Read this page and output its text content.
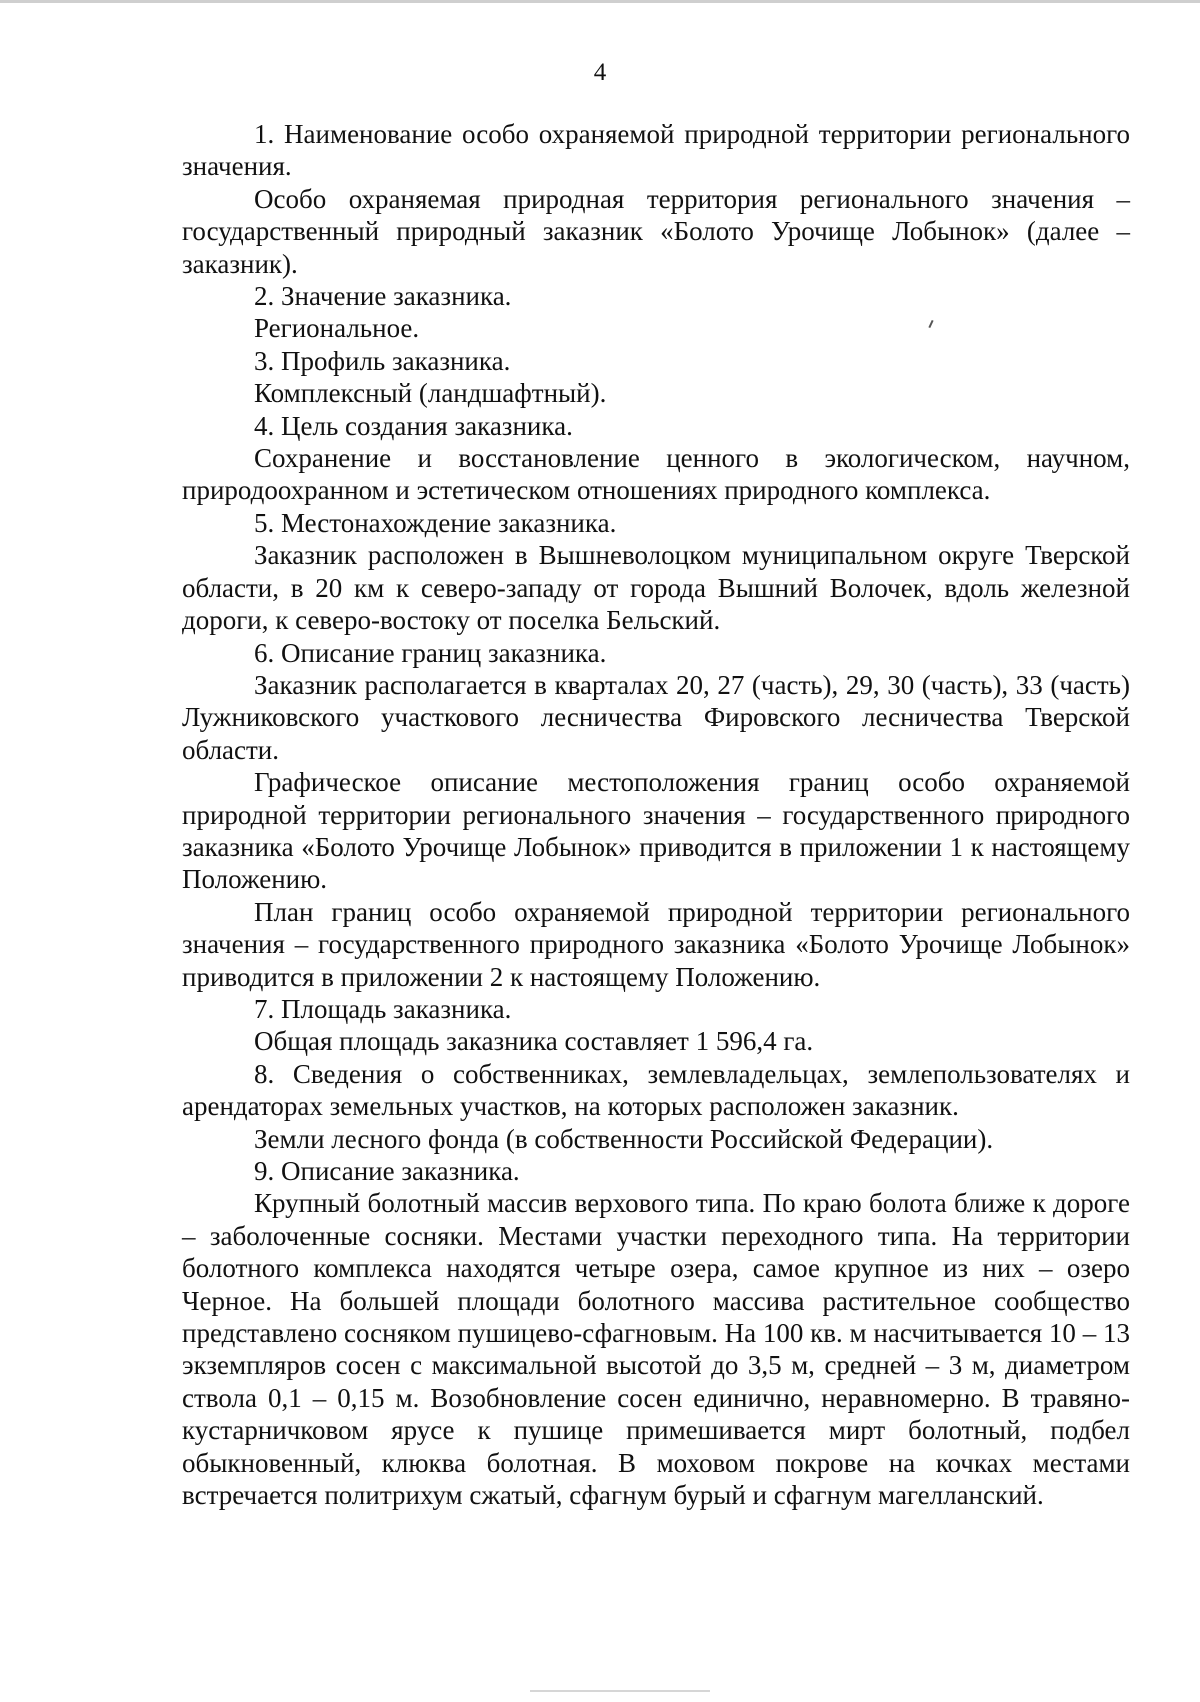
4

1. Наименование особо охраняемой природной территории регионального значения.

Особо охраняемая природная территория регионального значения – государственный природный заказник «Болото Урочище Лобынок» (далее – заказник).

2. Значение заказника.

Региональное.

3. Профиль заказника.

Комплексный (ландшафтный).

4. Цель создания заказника.

Сохранение и восстановление ценного в экологическом, научном, природоохранном и эстетическом отношениях природного комплекса.

5. Местонахождение заказника.

Заказник расположен в Вышневолоцком муниципальном округе Тверской области, в 20 км к северо-западу от города Вышний Волочек, вдоль железной дороги, к северо-востоку от поселка Бельский.

6. Описание границ заказника.

Заказник располагается в кварталах 20, 27 (часть), 29, 30 (часть), 33 (часть) Лужниковского участкового лесничества Фировского лесничества Тверской области.

Графическое описание местоположения границ особо охраняемой природной территории регионального значения – государственного природного заказника «Болото Урочище Лобынок» приводится в приложении 1 к настоящему Положению.

План границ особо охраняемой природной территории регионального значения – государственного природного заказника «Болото Урочище Лобынок» приводится в приложении 2 к настоящему Положению.

7. Площадь заказника.

Общая площадь заказника составляет 1 596,4 га.

8. Сведения о собственниках, землевладельцах, землепользователях и арендаторах земельных участков, на которых расположен заказник.

Земли лесного фонда (в собственности Российской Федерации).

9. Описание заказника.

Крупный болотный массив верхового типа. По краю болота ближе к дороге – заболоченные сосняки. Местами участки переходного типа. На территории болотного комплекса находятся четыре озера, самое крупное из них – озеро Черное. На большей площади болотного массива растительное сообщество представлено сосняком пушицево-сфагновым. На 100 кв. м насчитывается 10 – 13 экземпляров сосен с максимальной высотой до 3,5 м, средней – 3 м, диаметром ствола 0,1 – 0,15 м. Возобновление сосен единично, неравномерно. В травяно-кустарничковом ярусе к пушице примешивается мирт болотный, подбел обыкновенный, клюква болотная. В моховом покрове на кочках местами встречается политрихум сжатый, сфагнум бурый и сфагнум магелланский.
